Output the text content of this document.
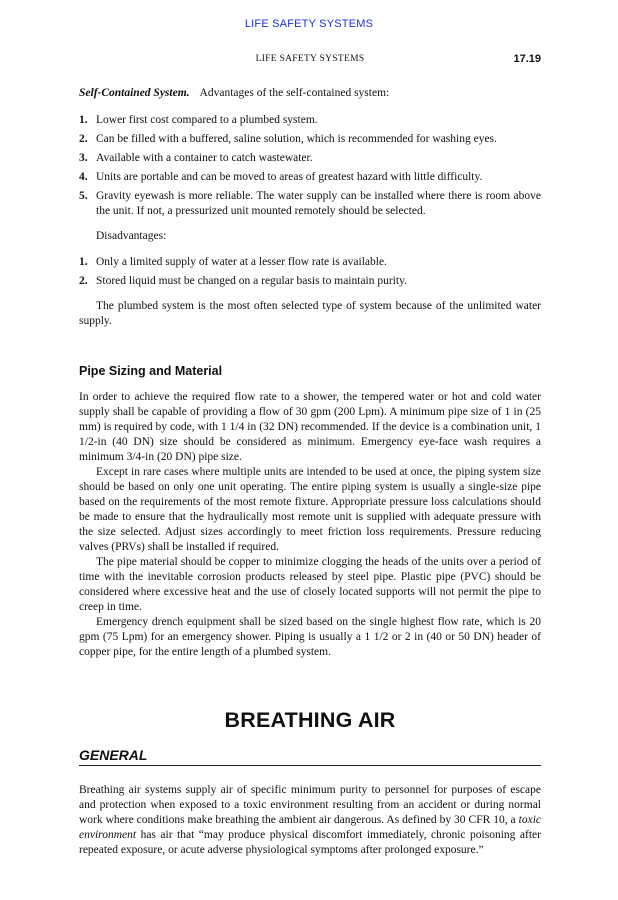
LIFE SAFETY SYSTEMS
LIFE SAFETY SYSTEMS	17.19

Self-Contained System. Advantages of the self-contained system:

1. Lower first cost compared to a plumbed system.
2. Can be filled with a buffered, saline solution, which is recommended for washing eyes.
3. Available with a container to catch wastewater.
4. Units are portable and can be moved to areas of greatest hazard with little difficulty.
5. Gravity eyewash is more reliable. The water supply can be installed where there is room above the unit. If not, a pressurized unit mounted remotely should be selected.

Disadvantages:

1. Only a limited supply of water at a lesser flow rate is available.
2. Stored liquid must be changed on a regular basis to maintain purity.

The plumbed system is the most often selected type of system because of the unlimited water supply.

Pipe Sizing and Material

In order to achieve the required flow rate to a shower, the tempered water or hot and cold water supply shall be capable of providing a flow of 30 gpm (200 Lpm). A minimum pipe size of 1 in (25 mm) is required by code, with 1 1/4 in (32 DN) recommended. If the device is a combination unit, 1 1/2-in (40 DN) size should be considered as minimum. Emergency eye-face wash requires a minimum 3/4-in (20 DN) pipe size.

Except in rare cases where multiple units are intended to be used at once, the piping system size should be based on only one unit operating. The entire piping system is usually a single-size pipe based on the requirements of the most remote fixture. Appropriate pressure loss calculations should be made to ensure that the hydraulically most remote unit is supplied with adequate pressure with the size selected. Adjust sizes accordingly to meet friction loss requirements. Pressure reducing valves (PRVs) shall be installed if required.

The pipe material should be copper to minimize clogging the heads of the units over a period of time with the inevitable corrosion products released by steel pipe. Plastic pipe (PVC) should be considered where excessive heat and the use of closely located supports will not permit the pipe to creep in time.

Emergency drench equipment shall be sized based on the single highest flow rate, which is 20 gpm (75 Lpm) for an emergency shower. Piping is usually a 1 1/2 or 2 in (40 or 50 DN) header of copper pipe, for the entire length of a plumbed system.

BREATHING AIR
GENERAL

Breathing air systems supply air of specific minimum purity to personnel for purposes of escape and protection when exposed to a toxic environment resulting from an accident or during normal work where conditions make breathing the ambient air dangerous. As defined by 30 CFR 10, a toxic environment has air that “may produce physical discomfort immediately, chronic poisoning after repeated exposure, or acute adverse physiological symptoms after prolonged exposure.”
